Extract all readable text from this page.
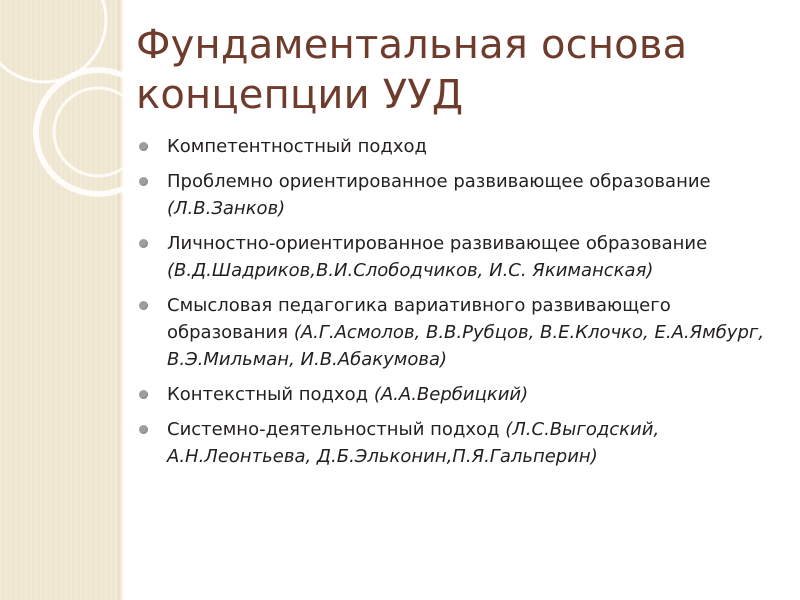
Фундаментальная основа
концепции УУД
Компетентностный подход
Проблемно ориентированное развивающее образование (Л.В.Занков)
Личностно-ориентированное развивающее образование (В.Д.Шадриков,В.И.Слободчиков, И.С. Якиманская)
Смысловая педагогика вариативного развивающего образования (А.Г.Асмолов, В.В.Рубцов, В.Е.Клочко, Е.А.Ямбург, В.Э.Мильман, И.В.Абакумова)
Контекстный подход (А.А.Вербицкий)
Системно-деятельностный подход (Л.С.Выгодский, А.Н.Леонтьева, Д.Б.Эльконин,П.Я.Гальперин)
